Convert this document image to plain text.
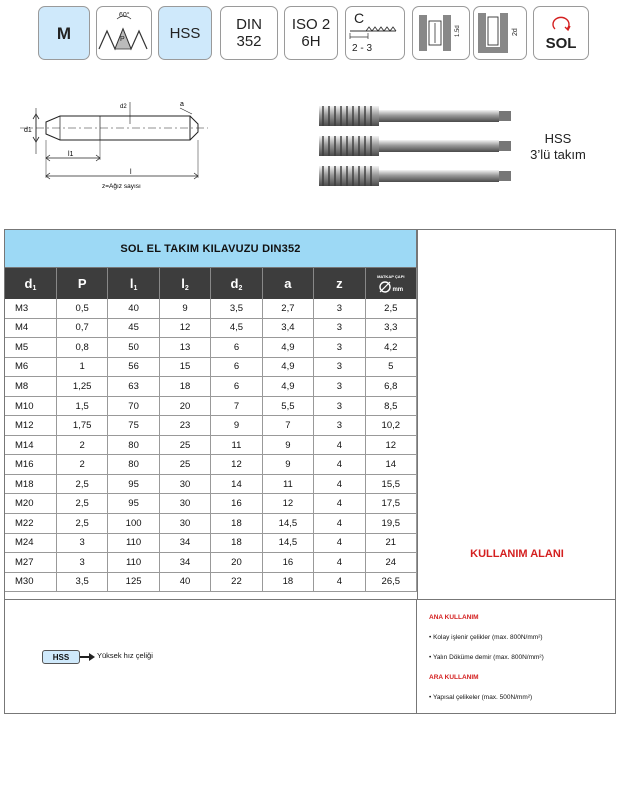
M
60°
P	HSS DIN
352
ISO 2
6H
C
2 - 3
1.5d	2d
SOL
d1
d2	a
l1
l
z=Ağız sayısı
HSS
3’lü takım
SOL EL TAKIM KILAVUZU DIN352
$d_1$	P	$l_1$	$l_2$	$d_2$	a	z	MATKAP ÇAPI
mm
M3	0,5	40	9	3,5	2,7	3	2,5
M4	0,7	45	12	4,5	3,4	3	3,3
M5	0,8	50	13	6	4,9	3	4,2
M6	1	56	15	6	4,9	3	5
M8	1,25	63	18	6	4,9	3	6,8
M10	1,5	70	20	7	5,5	3	8,5
M12	1,75	75	23	9	7	3	10,2
M14	2	80	25	11	9	4	12
M16	2	80	25	12	9	4	14
M18	2,5	95	30	14	11	4	15,5
M20	2,5	95	30	16	12	4	17,5
M22	2,5	100	30	18	14,5	4	19,5
M24	3	110	34	18	14,5	4	21
M27	3	110	34	20	16	4	24
M30	3,5	125	40	22	18	4	26,5
KULLANIM ALANI
HSS	Yüksek hız çeliği
ANA KULLANIM
• Kolay işlenir çelikler (max. 800N/mm²)
• Yalın Döküme demir (max. 800N/mm²)
ARA KULLANIM
• Yapısal çelikeler (max. 500N/mm²)
